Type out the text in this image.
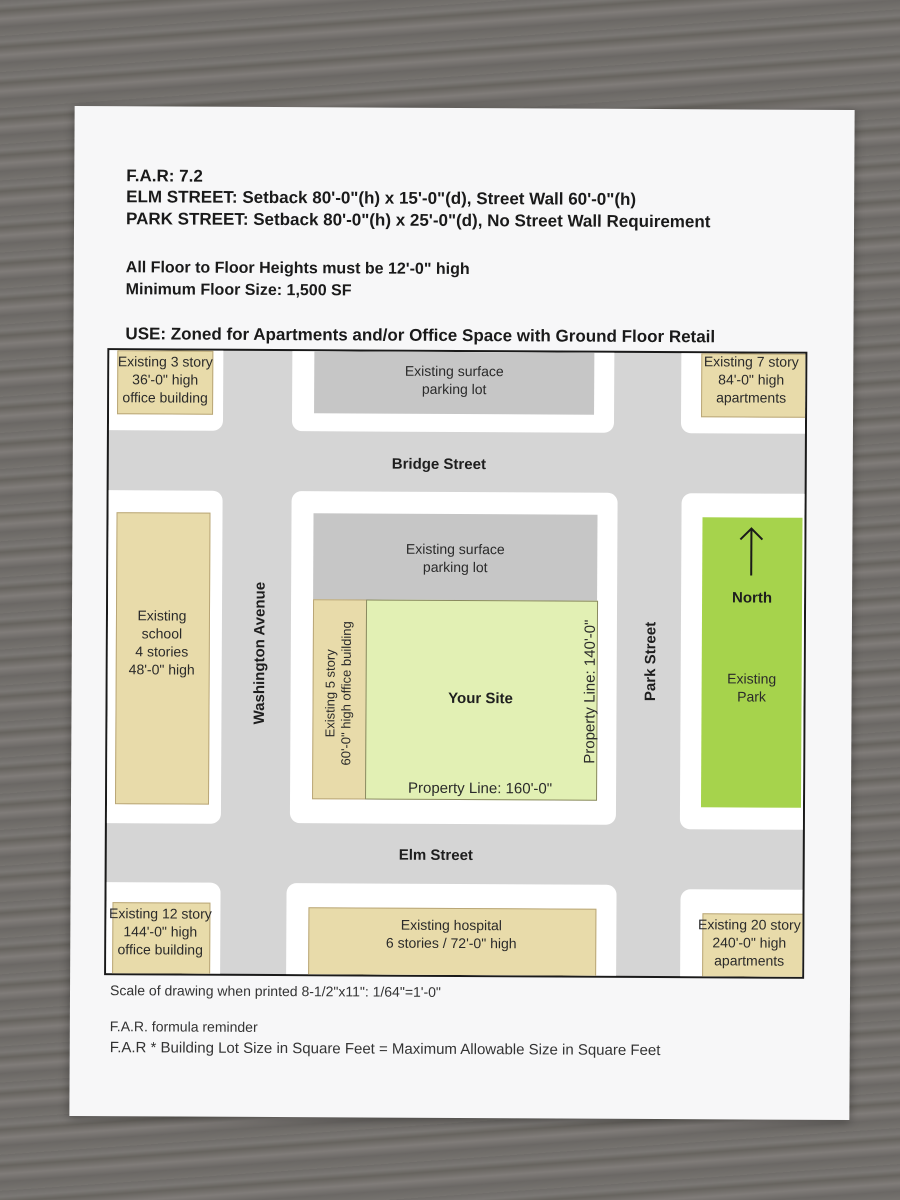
F.A.R: 7.2
ELM STREET: Setback 80'-0"(h) x 15'-0"(d), Street Wall 60'-0"(h)
PARK STREET: Setback 80'-0"(h) x 25'-0"(d), No Street Wall Requirement
All Floor to Floor Heights must be 12'-0" high
Minimum Floor Size: 1,500 SF
USE: Zoned for Apartments and/or Office Space with Ground Floor Retail
Existing 3 story
36'-0" high
office building
Existing surface
parking lot
Existing 7 story
84'-0" high
apartments
Bridge Street
Existing
school
4 stories
48'-0" high	Washington Avenue
Existing surface
parking lot
Existing 5 story 60'-0" high office building	Your Site
Property Line: 160'-0"
Property Line: 140'-0"	Park Street
North
Existing
Park
Elm Street
Existing 12 story
144'-0" high
office building
Existing hospital
6 stories / 72'-0" high
Existing 20 story
240'-0" high
apartments
Scale of drawing when printed 8-1/2"x11": 1/64"=1'-0"
F.A.R. formula reminder
F.A.R * Building Lot Size in Square Feet = Maximum Allowable Size in Square Feet
